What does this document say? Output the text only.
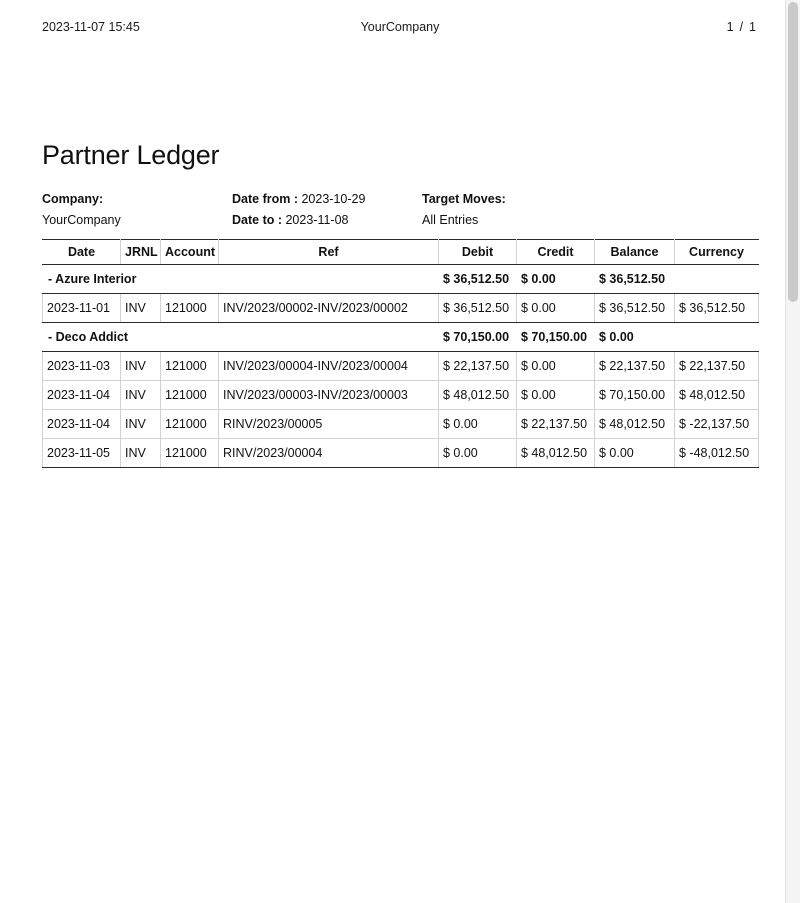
2023-11-07 15:45	YourCompany	1 / 1
Partner Ledger
Company:
YourCompany
Date from : 2023-10-29
Date to : 2023-11-08
Target Moves:
All Entries
Date	JRNL	Account	Ref	Debit	Credit	Balance	Currency
- Azure Interior				$ 36,512.50	$ 0.00	$ 36,512.50	
2023-11-01	INV	121000	INV/2023/00002-INV/2023/00002	$ 36,512.50	$ 0.00	$ 36,512.50	$ 36,512.50
- Deco Addict				$ 70,150.00	$ 70,150.00	$ 0.00	
2023-11-03	INV	121000	INV/2023/00004-INV/2023/00004	$ 22,137.50	$ 0.00	$ 22,137.50	$ 22,137.50
2023-11-04	INV	121000	INV/2023/00003-INV/2023/00003	$ 48,012.50	$ 0.00	$ 70,150.00	$ 48,012.50
2023-11-04	INV	121000	RINV/2023/00005	$ 0.00	$ 22,137.50	$ 48,012.50	$ -22,137.50
2023-11-05	INV	121000	RINV/2023/00004	$ 0.00	$ 48,012.50	$ 0.00	$ -48,012.50
